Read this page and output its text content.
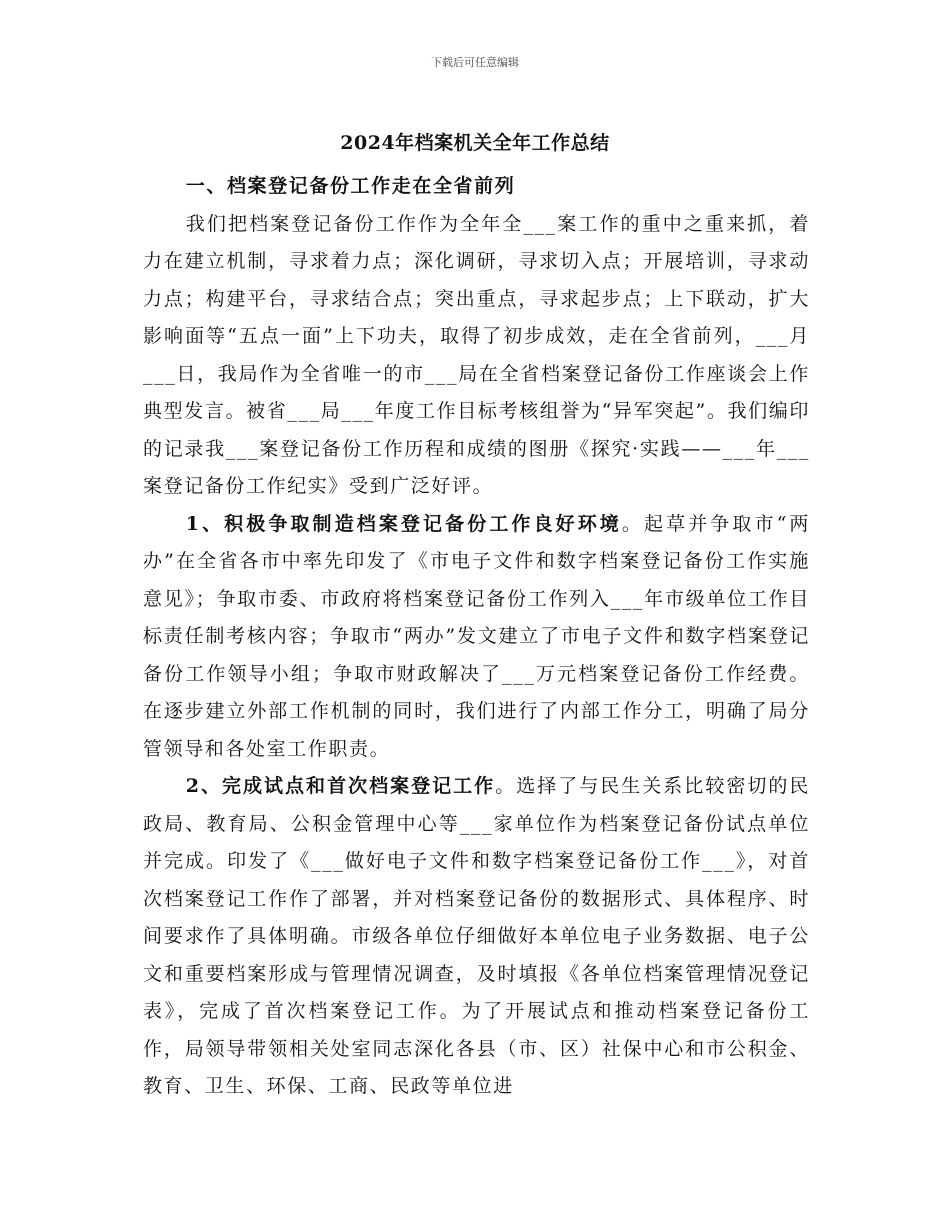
下载后可任意编辑
2024年档案机关全年工作总结

一、档案登记备份工作走在全省前列

我们把档案登记备份工作作为全年全___案工作的重中之重来抓，着力在建立机制，寻求着力点；深化调研，寻求切入点；开展培训，寻求动力点；构建平台，寻求结合点；突出重点，寻求起步点；上下联动，扩大影响面等“五点一面”上下功夫，取得了初步成效，走在全省前列，___月___日，我局作为全省唯一的市___局在全省档案登记备份工作座谈会上作典型发言。被省___局___年度工作目标考核组誉为“异军突起”。我们编印的记录我___案登记备份工作历程和成绩的图册《探究·实践——___年___案登记备份工作纪实》受到广泛好评。

1、积极争取制造档案登记备份工作良好环境。起草并争取市“两办”在全省各市中率先印发了《市电子文件和数字档案登记备份工作实施意见》；争取市委、市政府将档案登记备份工作列入___年市级单位工作目标责任制考核内容；争取市“两办”发文建立了市电子文件和数字档案登记备份工作领导小组；争取市财政解决了___万元档案登记备份工作经费。在逐步建立外部工作机制的同时，我们进行了内部工作分工，明确了局分管领导和各处室工作职责。

2、完成试点和首次档案登记工作。选择了与民生关系比较密切的民政局、教育局、公积金管理中心等___家单位作为档案登记备份试点单位并完成。印发了《___做好电子文件和数字档案登记备份工作___》，对首次档案登记工作作了部署，并对档案登记备份的数据形式、具体程序、时间要求作了具体明确。市级各单位仔细做好本单位电子业务数据、电子公文和重要档案形成与管理情况调查，及时填报《各单位档案管理情况登记表》，完成了首次档案登记工作。为了开展试点和推动档案登记备份工作，局领导带领相关处室同志深化各县（市、区）社保中心和市公积金、教育、卫生、环保、工商、民政等单位进
